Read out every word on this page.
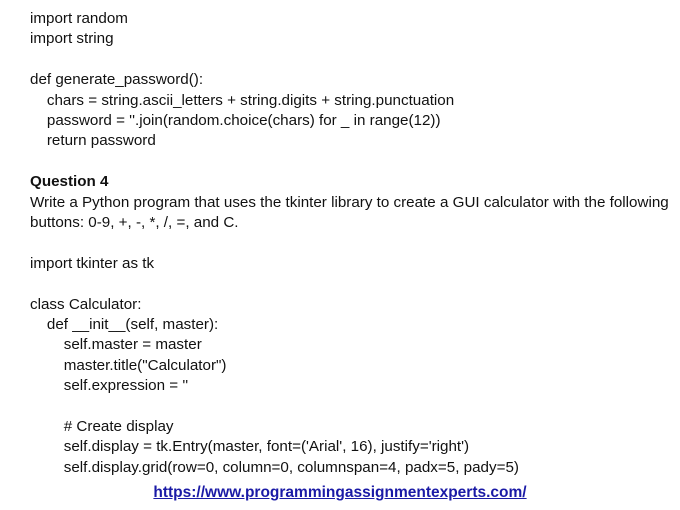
import random
import string
def generate_password():
chars = string.ascii_letters + string.digits + string.punctuation
password = ''.join(random.choice(chars) for _ in range(12))
return password
Question 4
Write a Python program that uses the tkinter library to create a GUI calculator with the following buttons: 0-9, +, -, *, /, =, and C.
import tkinter as tk
class Calculator:
def __init__(self, master):
self.master = master
master.title("Calculator")
self.expression = ''
# Create display
self.display = tk.Entry(master, font=('Arial', 16), justify='right')
self.display.grid(row=0, column=0, columnspan=4, padx=5, pady=5)
https://www.programmingassignmentexperts.com/
